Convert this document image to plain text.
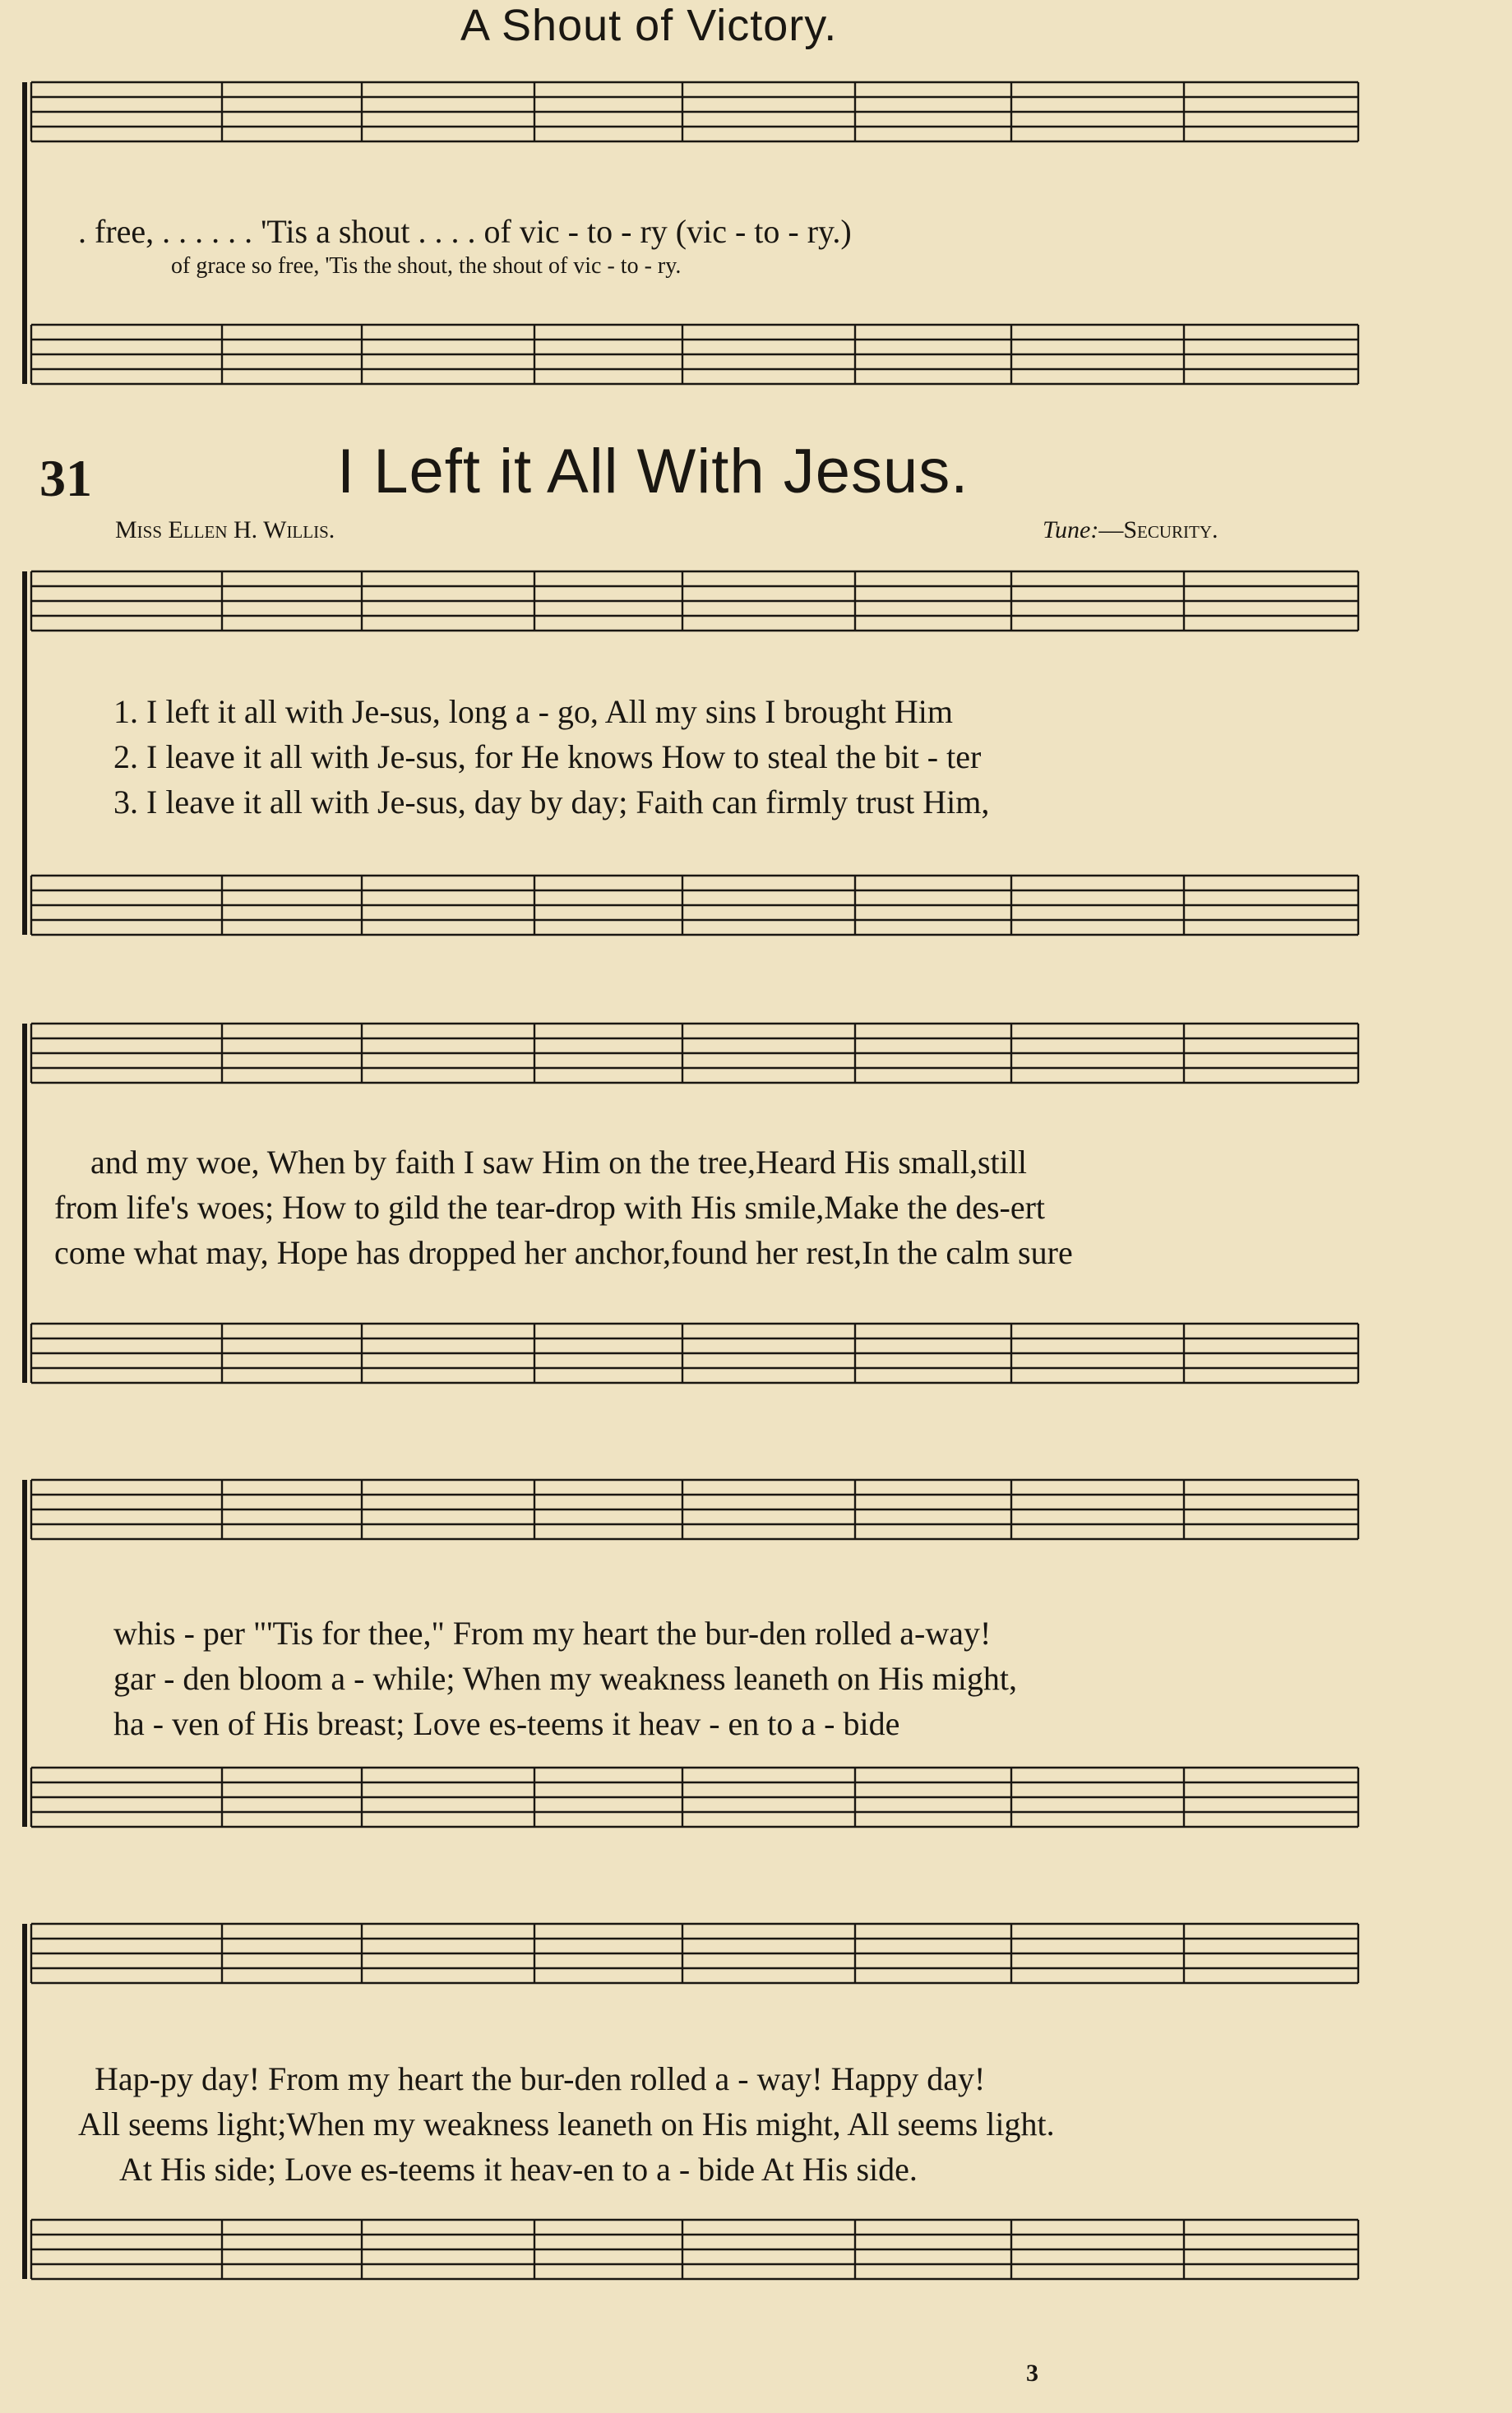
A Shout of Victory.
. free, . . . . . . 'Tis a shout . . . . of vic - to - ry (vic - to - ry.)
of grace so free, 'Tis the shout, the shout of vic - to - ry.
31	I Left it All With Jesus.
Miss Ellen H. Willis.	Tune:—Security.
1. I left it all with Je-sus, long a - go, All my sins I brought Him
2. I leave it all with Je-sus, for He knows How to steal the bit - ter
3. I leave it all with Je-sus, day by day; Faith can firmly trust Him,
and my woe, When by faith I saw Him on the tree,Heard His small,still
from life's woes; How to gild the tear-drop with His smile,Make the des-ert
come what may, Hope has dropped her anchor,found her rest,In the calm sure
whis - per "'Tis for thee," From my heart the bur-den rolled a-way!
gar - den bloom a - while; When my weakness leaneth on His might,
ha - ven of His breast; Love es-teems it heav - en to a - bide
Hap-py day! From my heart the bur-den rolled a - way! Happy day!
All seems light;When my weakness leaneth on His might, All seems light.
At His side; Love es-teems it heav-en to a - bide At His side.
3
